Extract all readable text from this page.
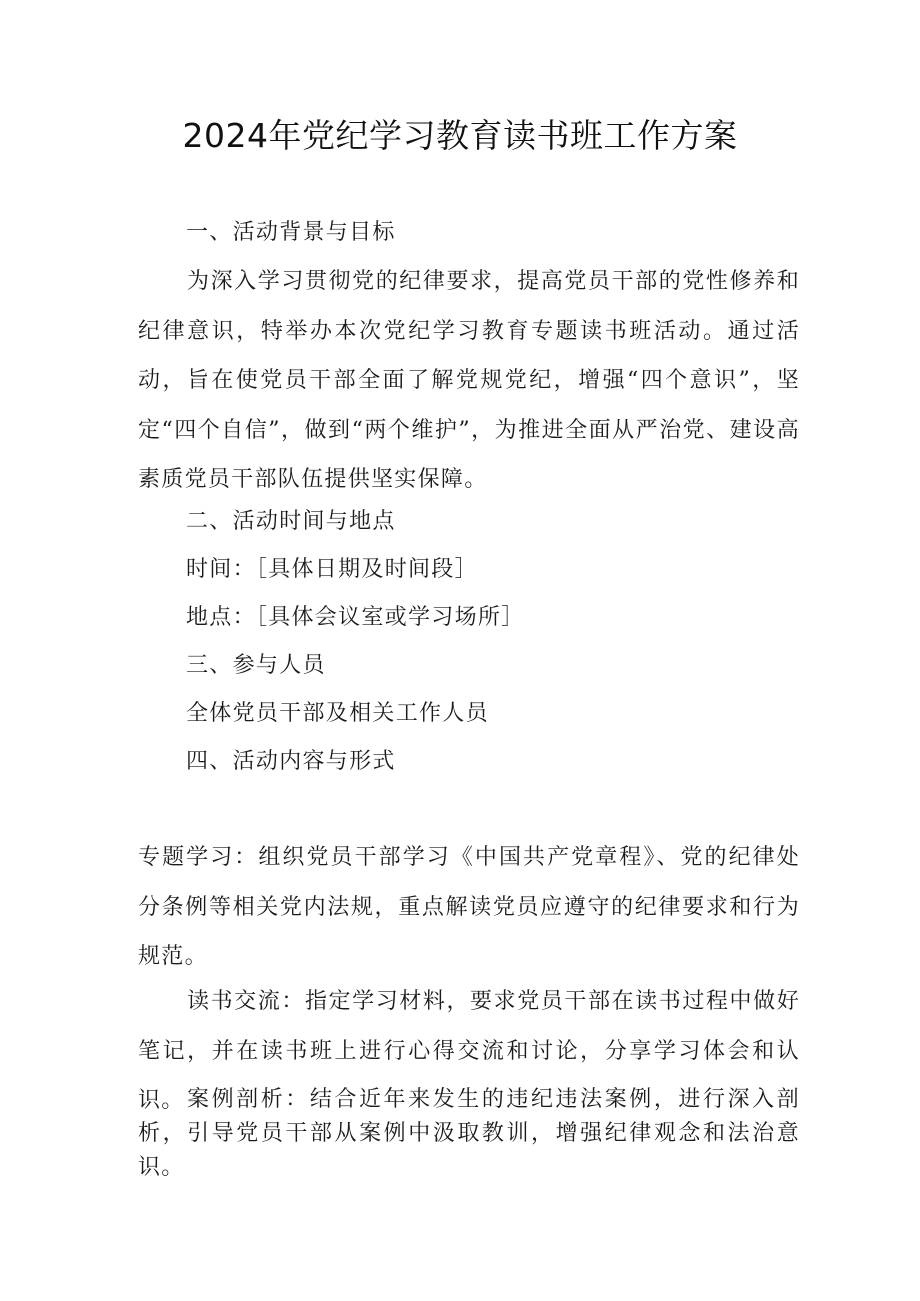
2024年党纪学习教育读书班工作方案

一、活动背景与目标

为深入学习贯彻党的纪律要求，提高党员干部的党性修养和纪律意识，特举办本次党纪学习教育专题读书班活动。通过活动，旨在使党员干部全面了解党规党纪，增强“四个意识”，坚定“四个自信”，做到“两个维护”，为推进全面从严治党、建设高素质党员干部队伍提供坚实保障。

二、活动时间与地点

时间：［具体日期及时间段］

地点：［具体会议室或学习场所］

三、参与人员

全体党员干部及相关工作人员

四、活动内容与形式

专题学习：组织党员干部学习《中国共产党章程》、党的纪律处分条例等相关党内法规，重点解读党员应遵守的纪律要求和行为规范。

读书交流：指定学习材料，要求党员干部在读书过程中做好笔记，并在读书班上进行心得交流和讨论，分享学习体会和认识。 案例剖析：结合近年来发生的违纪违法案例，进行深入剖析，引导党员干部从案例中汲取教训，增强纪律观念和法治意识。
